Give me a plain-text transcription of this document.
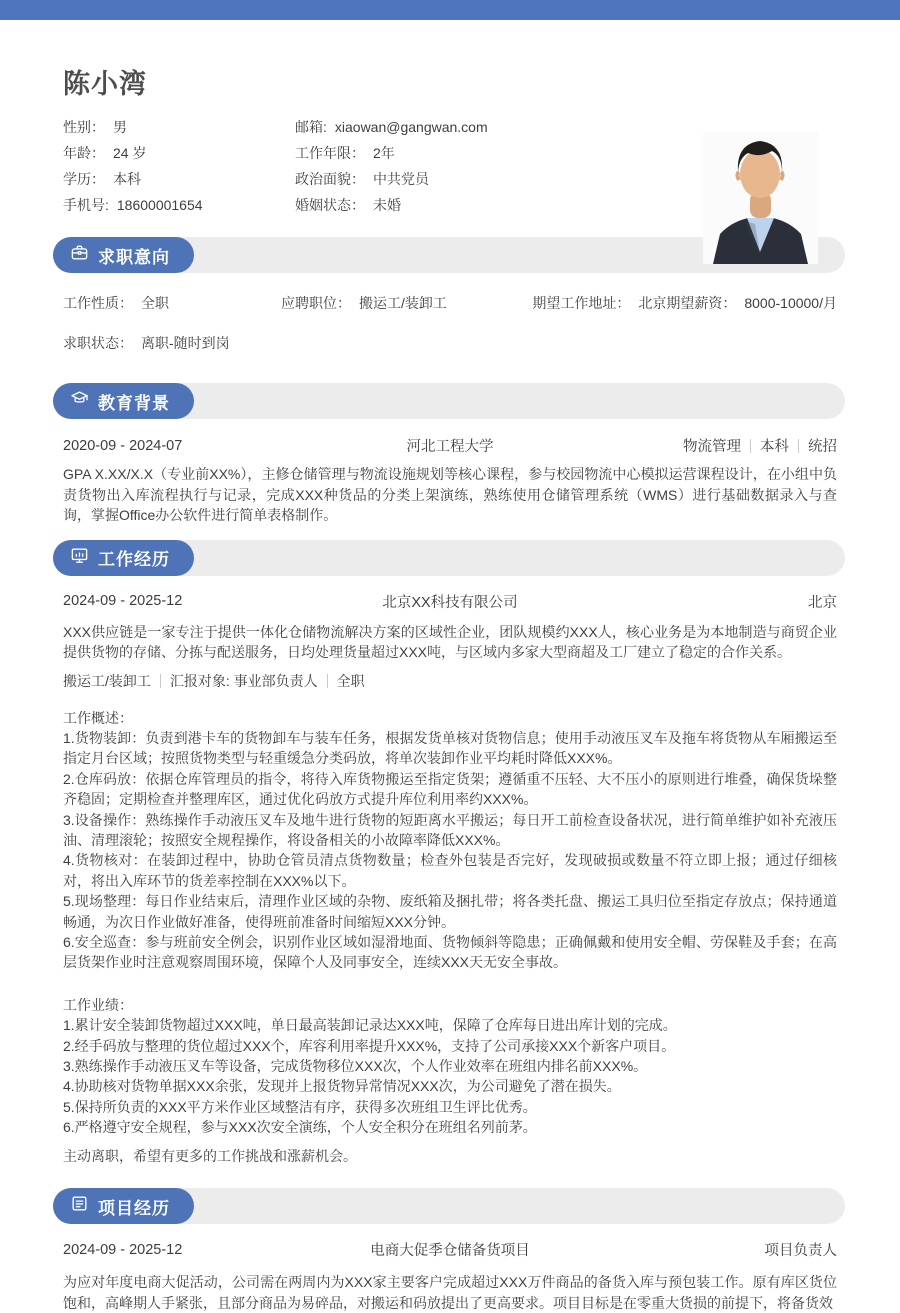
陈小湾
性别： 男
年龄： 24 岁
学历： 本科
手机号: 18600001654
邮箱: xiaowan@gangwan.com
工作年限： 2年
政治面貌： 中共党员
婚姻状态： 未婚
求职意向
工作性质： 全职	应聘职位： 搬运工/装卸工	期望工作地址： 北京 期望薪资： 8000-10000/月
求职状态： 离职-随时到岗
教育背景
2020-09 - 2024-07	河北工程大学	物流管理 本科 统招
GPA X.XX/X.X（专业前XX%），主修仓储管理与物流设施规划等核心课程，参与校园物流中心模拟运营课程设计，在小组中负责货物出入库流程执行与记录，完成XXX种货品的分类上架演练，熟练使用仓储管理系统（WMS）进行基础数据录入与查询，掌握Office办公软件进行简单表格制作。
工作经历
2024-09 - 2025-12	北京XX科技有限公司	北京
XXX供应链是一家专注于提供一体化仓储物流解决方案的区域性企业，团队规模约XXX人，核心业务是为本地制造与商贸企业提供货物的存储、分拣与配送服务，日均处理货量超过XXX吨，与区域内多家大型商超及工厂建立了稳定的合作关系。
搬运工/装卸工 汇报对象: 事业部负责人 全职

工作概述：

1.货物装卸：负责到港卡车的货物卸车与装车任务，根据发货单核对货物信息；使用手动液压叉车及拖车将货物从车厢搬运至指定月台区域；按照货物类型与轻重缓急分类码放，将单次装卸作业平均耗时降低XXX%。

2.仓库码放：依据仓库管理员的指令，将待入库货物搬运至指定货架；遵循重不压轻、大不压小的原则进行堆叠，确保货垛整齐稳固；定期检查并整理库区，通过优化码放方式提升库位利用率约XXX%。

3.设备操作：熟练操作手动液压叉车及地牛进行货物的短距离水平搬运；每日开工前检查设备状况，进行简单维护如补充液压油、清理滚轮；按照安全规程操作，将设备相关的小故障率降低XXX%。

4.货物核对：在装卸过程中，协助仓管员清点货物数量；检查外包装是否完好，发现破损或数量不符立即上报；通过仔细核对，将出入库环节的货差率控制在XXX%以下。

5.现场整理：每日作业结束后，清理作业区域的杂物、废纸箱及捆扎带；将各类托盘、搬运工具归位至指定存放点；保持通道畅通，为次日作业做好准备，使得班前准备时间缩短XXX分钟。

6.安全巡查：参与班前安全例会，识别作业区域如湿滑地面、货物倾斜等隐患；正确佩戴和使用安全帽、劳保鞋及手套；在高层货架作业时注意观察周围环境，保障个人及同事安全，连续XXX天无安全事故。

工作业绩：

1.累计安全装卸货物超过XXX吨，单日最高装卸记录达XXX吨，保障了仓库每日进出库计划的完成。

2.经手码放与整理的货位超过XXX个，库容利用率提升XXX%，支持了公司承接XXX个新客户项目。

3.熟练操作手动液压叉车等设备，完成货物移位XXX次，个人作业效率在班组内排名前XXX%。

4.协助核对货物单据XXX余张，发现并上报货物异常情况XXX次，为公司避免了潜在损失。

5.保持所负责的XXX平方米作业区域整洁有序，获得多次班组卫生评比优秀。

6.严格遵守安全规程，参与XXX次安全演练，个人安全积分在班组名列前茅。

主动离职，希望有更多的工作挑战和涨薪机会。
项目经历
2024-09 - 2025-12	电商大促季仓储备货项目	项目负责人
为应对年度电商大促活动，公司需在两周内为XXX家主要客户完成超过XXX万件商品的备货入库与预包装工作。原有库区货位饱和，高峰期人手紧张，且部分商品为易碎品，对搬运和码放提出了更高要求。项目目标是在零重大货损的前提下，将备货效
